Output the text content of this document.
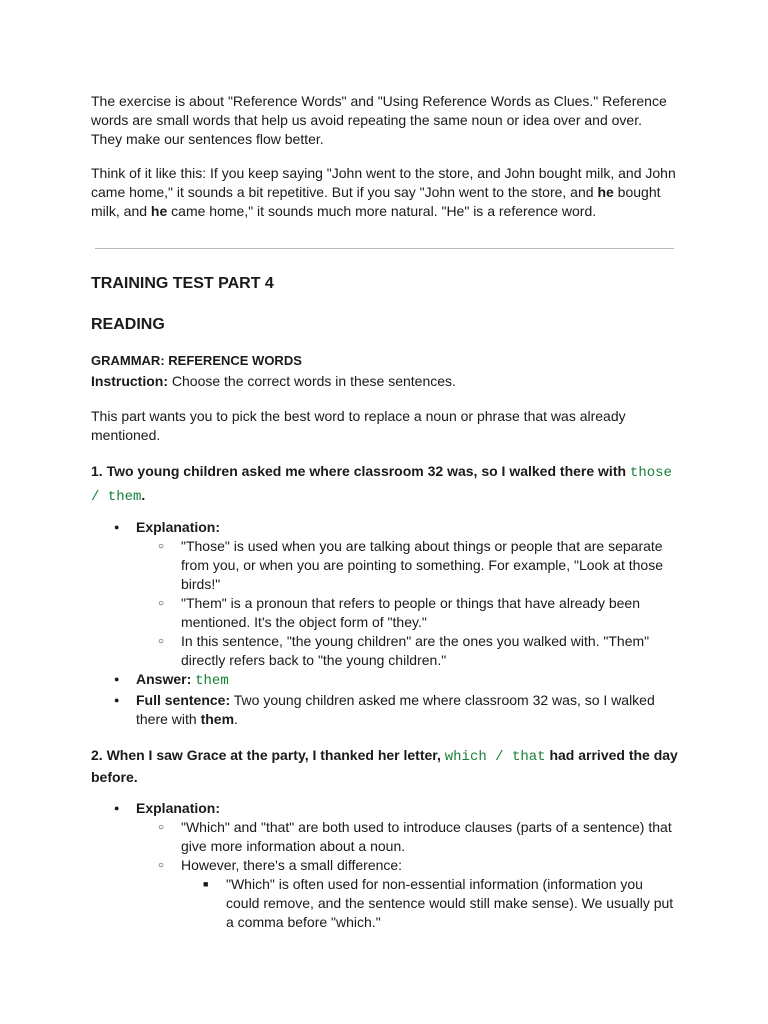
The exercise is about "Reference Words" and "Using Reference Words as Clues." Reference words are small words that help us avoid repeating the same noun or idea over and over. They make our sentences flow better.

Think of it like this: If you keep saying "John went to the store, and John bought milk, and John came home," it sounds a bit repetitive. But if you say "John went to the store, and he bought milk, and he came home," it sounds much more natural. "He" is a reference word.

TRAINING TEST PART 4
READING
GRAMMAR: REFERENCE WORDS

Instruction: Choose the correct words in these sentences.

This part wants you to pick the best word to replace a noun or phrase that was already mentioned.

1. Two young children asked me where classroom 32 was, so I walked there with those / them.

● Explanation:
○ "Those" is used when you are talking about things or people that are separate from you, or when you are pointing to something. For example, "Look at those birds!"
○ "Them" is a pronoun that refers to people or things that have already been mentioned. It's the object form of "they."
○ In this sentence, "the young children" are the ones you walked with. "Them" directly refers back to "the young children."
● Answer: them
● Full sentence: Two young children asked me where classroom 32 was, so I walked there with them.

2. When I saw Grace at the party, I thanked her letter, which / that had arrived the day before.

● Explanation:
○ "Which" and "that" are both used to introduce clauses (parts of a sentence) that give more information about a noun.
○ However, there's a small difference:
■ "Which" is often used for non-essential information (information you could remove, and the sentence would still make sense). We usually put a comma before "which."
